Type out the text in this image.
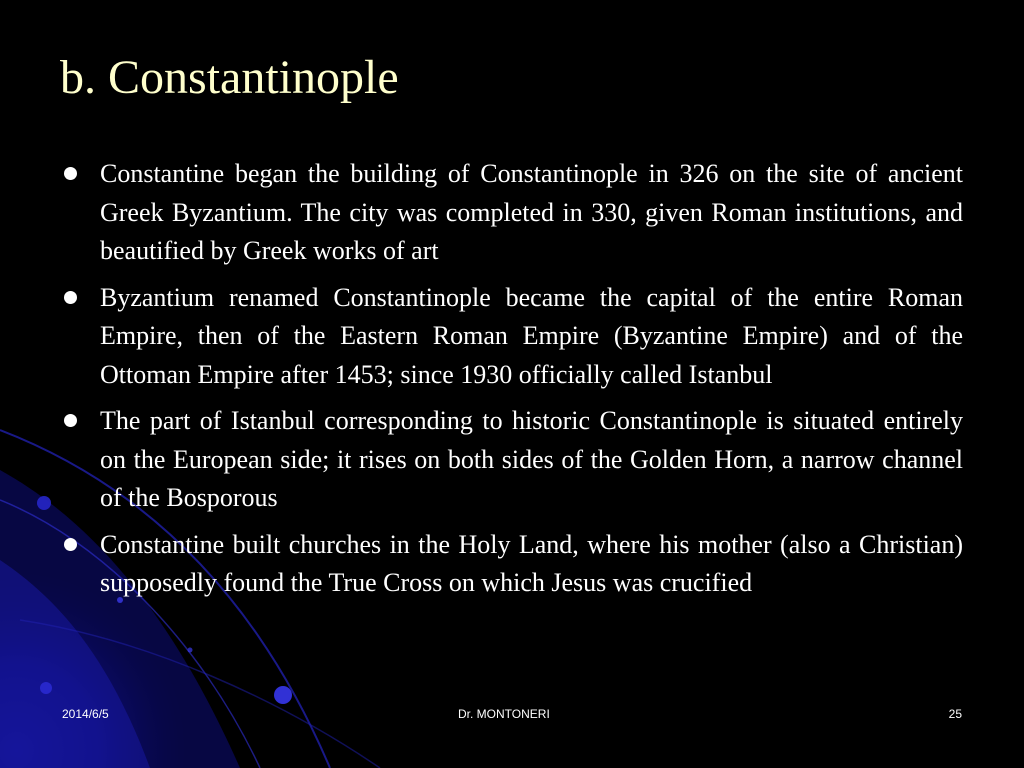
b. Constantinople
Constantine began the building of Constantinople in 326 on the site of ancient Greek Byzantium. The city was completed in 330, given Roman institutions, and beautified by Greek works of art
Byzantium renamed Constantinople became the capital of the entire Roman Empire, then of the Eastern Roman Empire (Byzantine Empire) and of the Ottoman Empire after 1453; since 1930 officially called Istanbul
The part of Istanbul corresponding to historic Constantinople is situated entirely on the European side; it rises on both sides of the Golden Horn, a narrow channel of the Bosporous
Constantine built churches in the Holy Land, where his mother (also a Christian) supposedly found the True Cross on which Jesus was crucified
2014/6/5	Dr. MONTONERI	25
